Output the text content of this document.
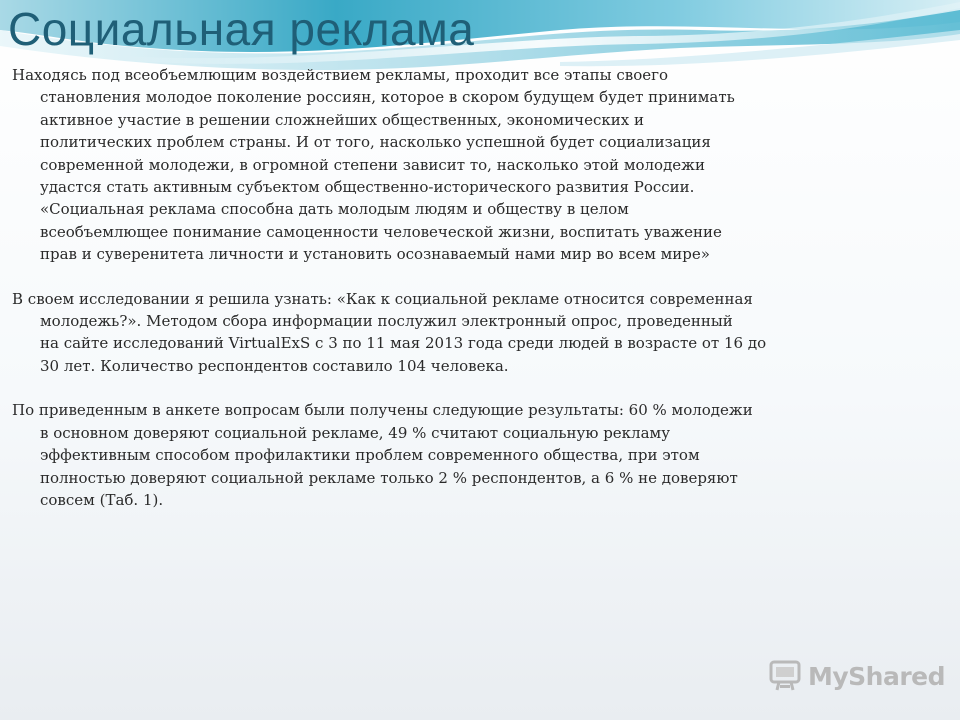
Социальная реклама

Находясь под всеобъемлющим воздействием рекламы, проходит все этапы своего
становления молодое поколение россиян, которое в скором будущем будет принимать
активное участие в решении сложнейших общественных, экономических и
политических проблем страны. И от того, насколько успешной будет социализация
современной молодежи, в огромной степени зависит то, насколько этой молодежи
удастся стать активным субъектом общественно-исторического развития России.
«Социальная реклама способна дать молодым людям и обществу в целом
всеобъемлющее понимание самоценности человеческой жизни, воспитать уважение
прав и суверенитета личности и установить осознаваемый нами мир во всем мире»

В своем исследовании я решила узнать: «Как к социальной рекламе относится современная
молодежь?». Методом сбора информации послужил электронный опрос, проведенный
на сайте исследований VirtualExS с 3 по 11 мая 2013 года среди людей в возрасте от 16 до
30 лет. Количество респондентов составило 104 человека.

По приведенным в анкете вопросам были получены следующие результаты: 60 % молодежи
в основном доверяют социальной рекламе, 49 % считают социальную рекламу
эффективным способом профилактики проблем современного общества, при этом
полностью доверяют социальной рекламе только 2 % респондентов, а 6 % не доверяют
совсем (Таб. 1).

MyShared
